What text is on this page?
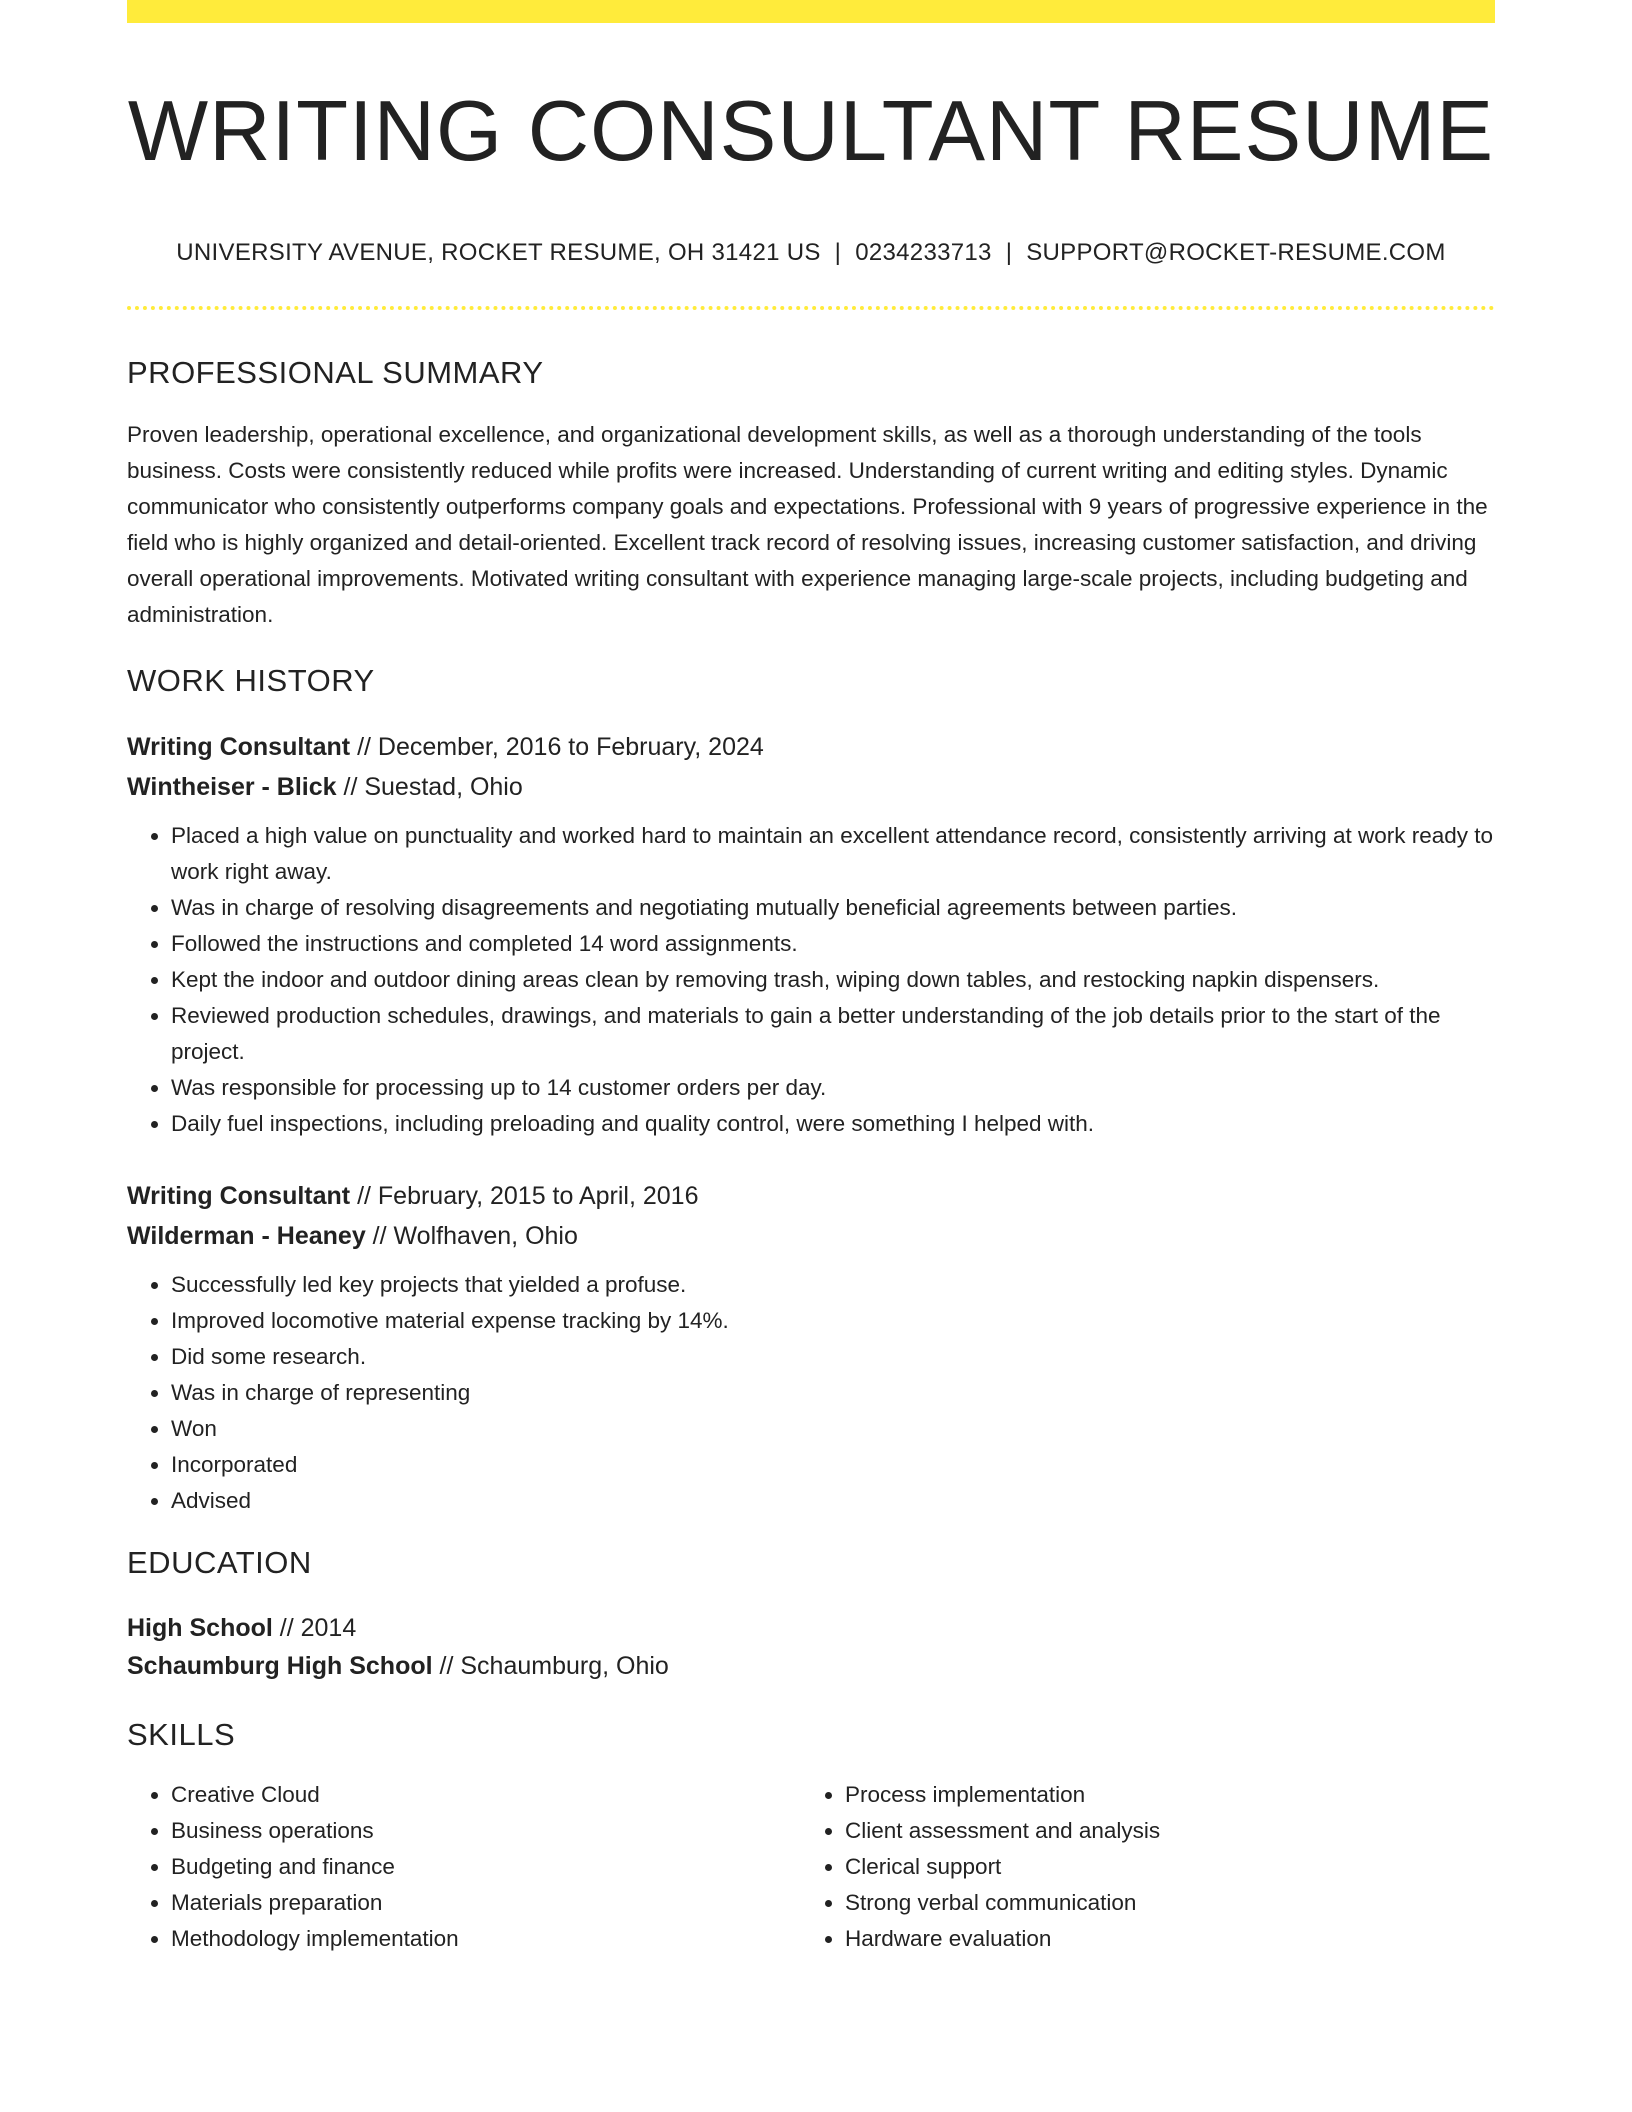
WRITING CONSULTANT RESUME
UNIVERSITY AVENUE, ROCKET RESUME, OH 31421 US | 0234233713 | SUPPORT@ROCKET-RESUME.COM
PROFESSIONAL SUMMARY
Proven leadership, operational excellence, and organizational development skills, as well as a thorough understanding of the tools business. Costs were consistently reduced while profits were increased. Understanding of current writing and editing styles. Dynamic communicator who consistently outperforms company goals and expectations. Professional with 9 years of progressive experience in the field who is highly organized and detail-oriented. Excellent track record of resolving issues, increasing customer satisfaction, and driving overall operational improvements. Motivated writing consultant with experience managing large-scale projects, including budgeting and administration.
WORK HISTORY
Writing Consultant // December, 2016 to February, 2024
Wintheiser - Blick // Suestad, Ohio
• Placed a high value on punctuality and worked hard to maintain an excellent attendance record, consistently arriving at work ready to work right away.
• Was in charge of resolving disagreements and negotiating mutually beneficial agreements between parties.
• Followed the instructions and completed 14 word assignments.
• Kept the indoor and outdoor dining areas clean by removing trash, wiping down tables, and restocking napkin dispensers.
• Reviewed production schedules, drawings, and materials to gain a better understanding of the job details prior to the start of the project.
• Was responsible for processing up to 14 customer orders per day.
• Daily fuel inspections, including preloading and quality control, were something I helped with.
Writing Consultant // February, 2015 to April, 2016
Wilderman - Heaney // Wolfhaven, Ohio
• Successfully led key projects that yielded a profuse.
• Improved locomotive material expense tracking by 14%.
• Did some research.
• Was in charge of representing
• Won
• Incorporated
• Advised
EDUCATION
High School // 2014
Schaumburg High School // Schaumburg, Ohio
SKILLS
• Creative Cloud
• Business operations
• Budgeting and finance
• Materials preparation
• Methodology implementation
• Process implementation
• Client assessment and analysis
• Clerical support
• Strong verbal communication
• Hardware evaluation
